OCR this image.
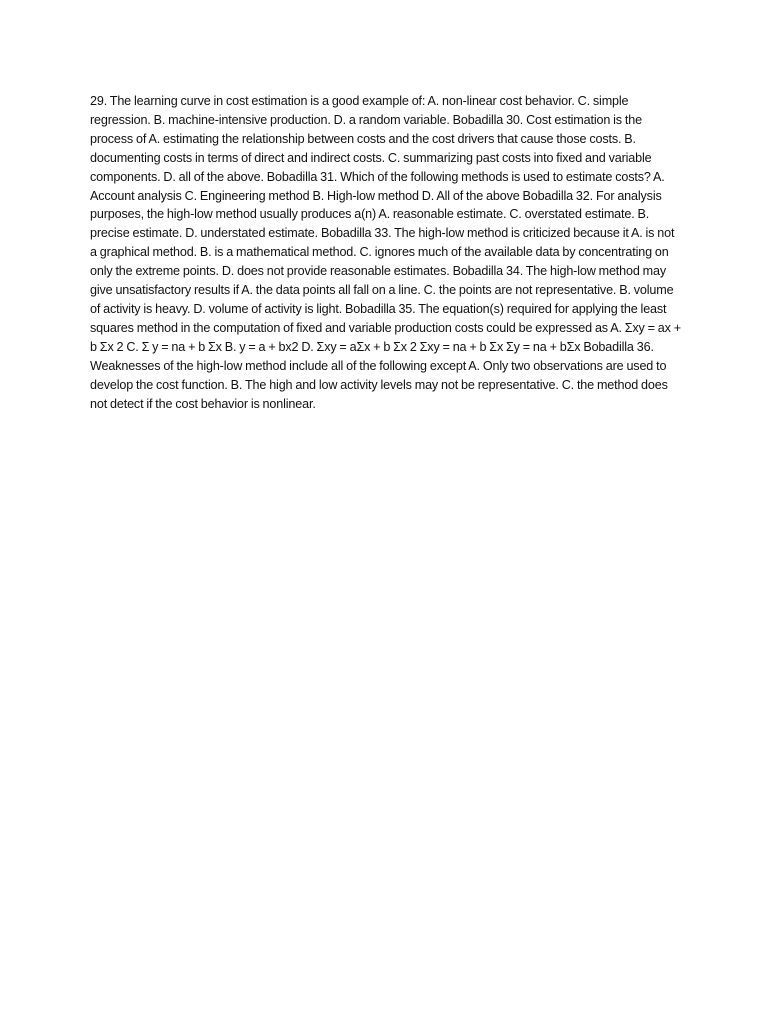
29. The learning curve in cost estimation is a good example of: A. non-linear cost behavior. C. simple regression. B. machine-intensive production. D. a random variable. Bobadilla 30. Cost estimation is the process of A. estimating the relationship between costs and the cost drivers that cause those costs. B. documenting costs in terms of direct and indirect costs. C. summarizing past costs into fixed and variable components. D. all of the above. Bobadilla 31. Which of the following methods is used to estimate costs? A. Account analysis C. Engineering method B. High-low method D. All of the above Bobadilla 32. For analysis purposes, the high-low method usually produces a(n) A. reasonable estimate. C. overstated estimate. B. precise estimate. D. understated estimate. Bobadilla 33. The high-low method is criticized because it A. is not a graphical method. B. is a mathematical method. C. ignores much of the available data by concentrating on only the extreme points. D. does not provide reasonable estimates. Bobadilla 34. The high-low method may give unsatisfactory results if A. the data points all fall on a line. C. the points are not representative. B. volume of activity is heavy. D. volume of activity is light. Bobadilla 35. The equation(s) required for applying the least squares method in the computation of fixed and variable production costs could be expressed as A. Σxy = ax + b Σx 2 C. Σ y = na + b Σx B. y = a + bx2 D. Σxy = aΣx + b Σx 2 Σxy = na + b Σx Σy = na + bΣx Bobadilla 36. Weaknesses of the high-low method include all of the following except A. Only two observations are used to develop the cost function. B. The high and low activity levels may not be representative. C. the method does not detect if the cost behavior is nonlinear.
